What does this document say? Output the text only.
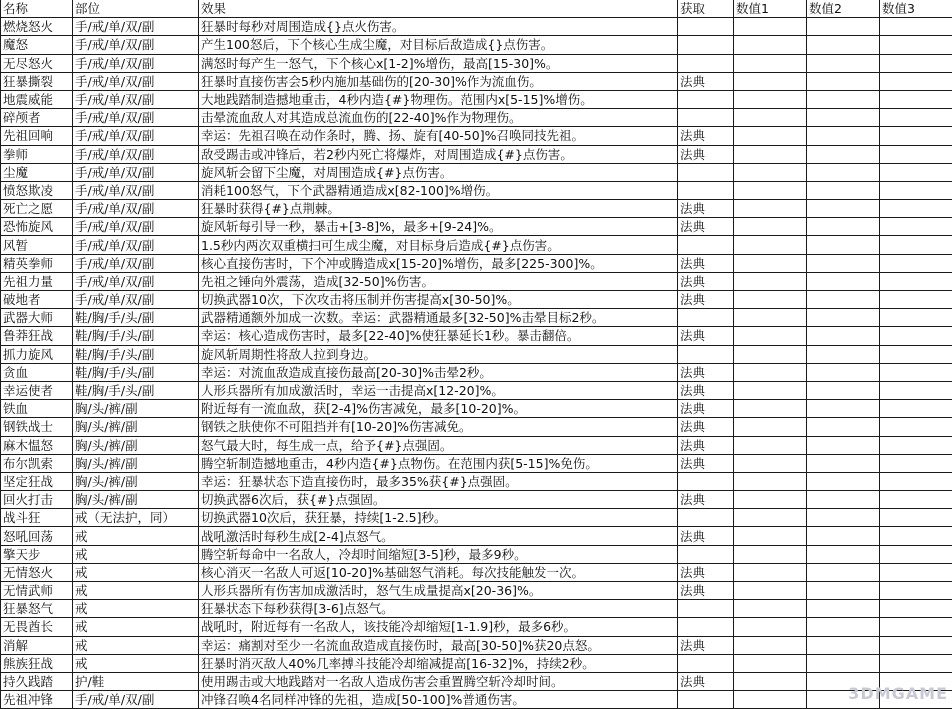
名称	部位	效果	获取	数值1	数值2	数值3
燃烧怒火	手/戒/单/双/副	狂暴时每秒对周围造成{}点火伤害。				
魔怒	手/戒/单/双/副	产生100怒后，下个核心生成尘魔，对目标后敌造成{}点伤害。				
无尽怒火	手/戒/单/双/副	满怒时每产生一怒气，下个核心x[1-2]%增伤，最高[15-30]%。				
狂暴撕裂	手/戒/单/双/副	狂暴时直接伤害会5秒内施加基础伤的[20-30]%作为流血伤。	法典			
地震威能	手/戒/单/双/副	大地践踏制造撼地重击，4秒内造{#}物理伤。范围内x[5-15]%增伤。				
碎颅者	手/戒/单/双/副	击晕流血敌人对其造成总流血伤的[22-40]%作为物理伤。				
先祖回响	手/戒/单/双/副	幸运：先祖召唤在动作条时，腾、扬、旋有[40-50]%召唤同技先祖。	法典			
拳师	手/戒/单/双/副	敌受踢击或冲锋后，若2秒内死亡将爆炸，对周围造成{#}点伤害。	法典			
尘魔	手/戒/单/双/副	旋风斩会留下尘魔，对周围造成{#}点伤害。				
愤怒欺凌	手/戒/单/双/副	消耗100怒气，下个武器精通造成x[82-100]%增伤。				
死亡之愿	手/戒/单/双/副	狂暴时获得{#}点荆棘。	法典			
恐怖旋风	手/戒/单/双/副	旋风斩每引导一秒，暴击+[3-8]%，最多+[9-24]%。	法典			
风暂	手/戒/单/双/副	1.5秒内两次双重横扫可生成尘魔，对目标身后造成{#}点伤害。				
精英拳师	手/戒/单/双/副	核心直接伤害时，下个冲或腾造成x[15-20]%增伤，最多[225-300]%。	法典			
先祖力量	手/戒/单/双/副	先祖之锤向外震荡，造成[32-50]%伤害。	法典			
破地者	手/戒/单/双/副	切换武器10次，下次攻击将压制并伤害提高x[30-50]%。	法典			
武器大师	鞋/胸/手/头/副	武器精通额外加成一次数。幸运：武器精通最多[32-50]%击晕目标2秒。				
鲁莽狂战	鞋/胸/手/头/副	幸运：核心造成伤害时，最多[22-40]%使狂暴延长1秒。暴击翻倍。	法典			
抓力旋风	鞋/胸/手/头/副	旋风斩周期性将敌人拉到身边。				
贪血	鞋/胸/手/头/副	幸运：对流血敌造成直接伤最高[20-30]%击晕2秒。	法典			
幸运使者	鞋/胸/手/头/副	人形兵器所有加成激活时，幸运一击提高x[12-20]%。	法典			
铁血	胸/头/裤/副	附近每有一流血敌，获[2-4]%伤害减免，最多[10-20]%。	法典			
钢铁战士	胸/头/裤/副	钢铁之肤使你不可阻挡并有[10-20]%伤害减免。	法典			
麻木愠怒	胸/头/裤/副	怒气最大时，每生成一点，给予{#}点强固。	法典			
布尔凯索	胸/头/裤/副	腾空斩制造撼地重击，4秒内造{#}点物伤。在范围内获[5-15]%免伤。	法典			
坚定狂战	胸/头/裤/副	幸运：狂暴状态下造直接伤时，最多35%获{#}点强固。				
回火打击	胸/头/裤/副	切换武器6次后，获{#}点强固。	法典			
战斗狂	戒（无法护，同）	切换武器10次后，获狂暴，持续[1-2.5]秒。				
怒吼回荡	戒	战吼激活时每秒生成[2-4]点怒气。	法典			
擎天步	戒	腾空斩每命中一名敌人，冷却时间缩短[3-5]秒，最多9秒。				
无情怒火	戒	核心消灭一名敌人可返[10-20]%基础怒气消耗。每次技能触发一次。	法典			
无情武师	戒	人形兵器所有伤害加成激活时，怒气生成量提高x[20-36]%。	法典			
狂暴怒气	戒	狂暴状态下每秒获得[3-6]点怒气。				
无畏酋长	戒	战吼时，附近每有一名敌人，该技能冷却缩短[1-1.9]秒，最多6秒。				
消解	戒	幸运：痛割对至少一名流血敌造成直接伤时，最高[30-50]%获20点怒。	法典			
熊族狂战	戒	狂暴时消灭敌人40%几率搏斗技能冷却缩减提高[16-32]%，持续2秒。				
持久践踏	护/鞋	使用踢击或大地践踏对一名敌人造成伤害会重置腾空斩冷却时间。	法典			
先祖冲锋	手/戒/单/双/副	冲锋召唤4名同样冲锋的先祖，造成[50-100]%普通伤害。					3DMGAME
